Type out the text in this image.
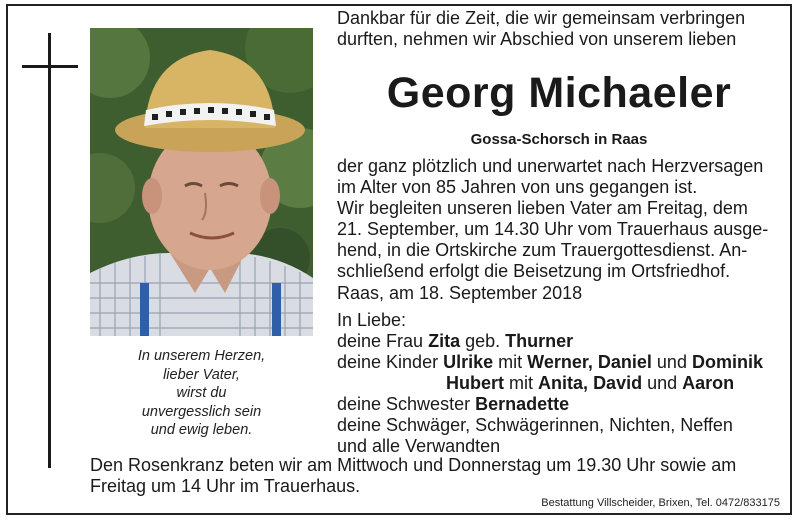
In unserem Herzen,
lieber Vater,
wirst du
unvergesslich sein
und ewig leben.
Dankbar für die Zeit, die wir gemeinsam verbringen
durften, nehmen wir Abschied von unserem lieben
Georg Michaeler
Gossa-Schorsch in Raas
der ganz plötzlich und unerwartet nach Herzversagen
im Alter von 85 Jahren von uns gegangen ist.
Wir begleiten unseren lieben Vater am Freitag, dem
21. September, um 14.30 Uhr vom Trauerhaus ausge-
hend, in die Ortskirche zum Trauergottesdienst. An-
schließend erfolgt die Beisetzung im Ortsfriedhof.
Raas, am 18. September 2018
In Liebe:
deine Frau Zita geb. Thurner
deine Kinder Ulrike mit Werner, Daniel und Dominik
Hubert mit Anita, David und Aaron
deine Schwester Bernadette
deine Schwäger, Schwägerinnen, Nichten, Neffen
und alle Verwandten
Den Rosenkranz beten wir am Mittwoch und Donnerstag um 19.30 Uhr sowie am
Freitag um 14 Uhr im Trauerhaus.
Bestattung Villscheider, Brixen, Tel. 0472/833175
